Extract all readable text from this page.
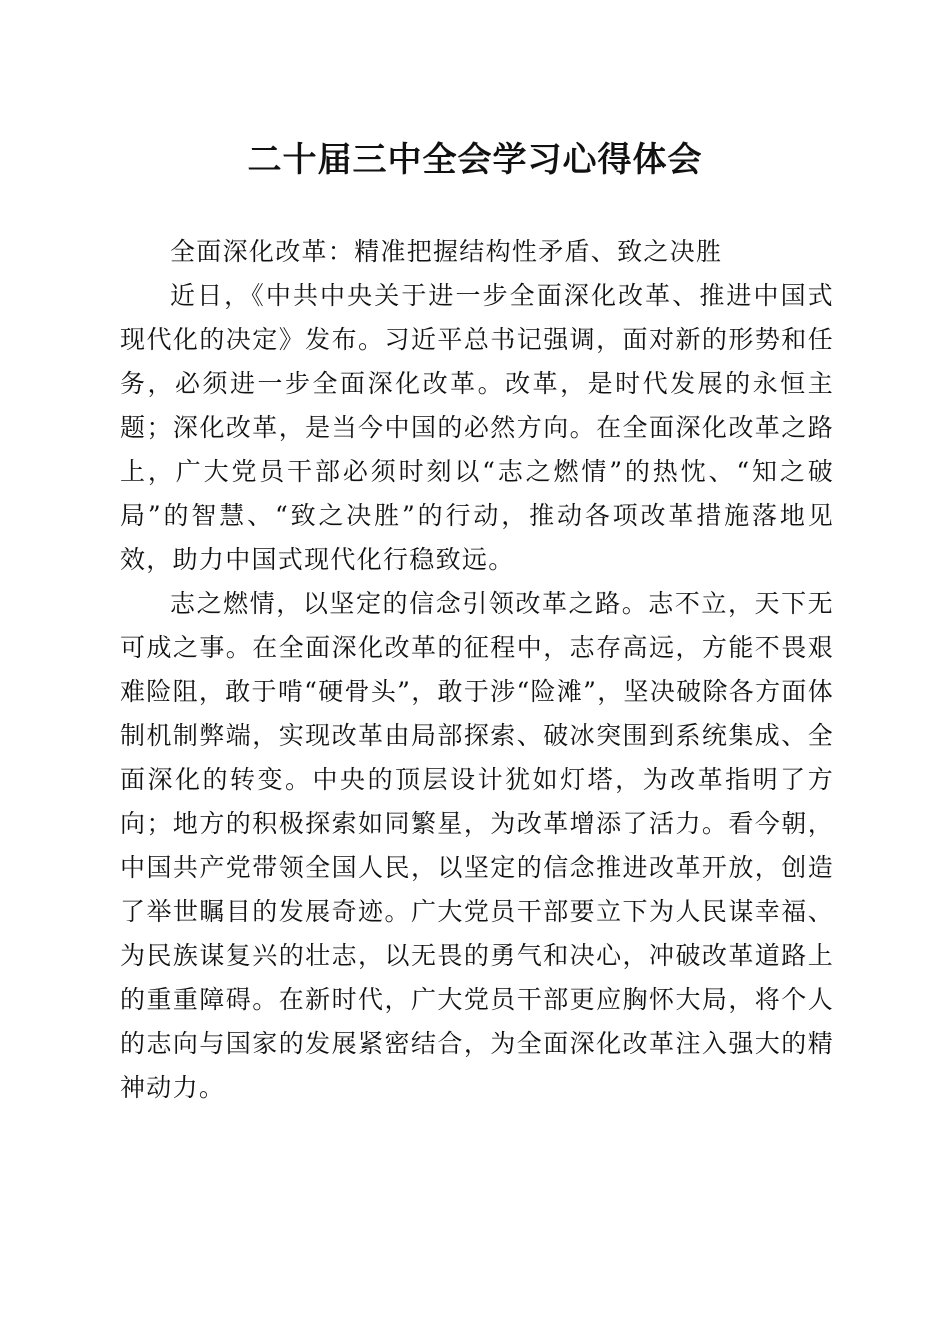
二十届三中全会学习心得体会

全面深化改革：精准把握结构性矛盾、致之决胜

近日，《中共中央关于进一步全面深化改革、推进中国式现代化的决定》发布。习近平总书记强调，面对新的形势和任务，必须进一步全面深化改革。改革，是时代发展的永恒主题；深化改革，是当今中国的必然方向。在全面深化改革之路上，广大党员干部必须时刻以“志之燃情”的热忱、“知之破局”的智慧、“致之决胜”的行动，推动各项改革措施落地见效，助力中国式现代化行稳致远。

志之燃情，以坚定的信念引领改革之路。志不立，天下无可成之事。在全面深化改革的征程中，志存高远，方能不畏艰难险阻，敢于啃“硬骨头”，敢于涉“险滩”，坚决破除各方面体制机制弊端，实现改革由局部探索、破冰突围到系统集成、全面深化的转变。中央的顶层设计犹如灯塔，为改革指明了方向；地方的积极探索如同繁星，为改革增添了活力。看今朝，中国共产党带领全国人民，以坚定的信念推进改革开放，创造了举世瞩目的发展奇迹。广大党员干部要立下为人民谋幸福、为民族谋复兴的壮志，以无畏的勇气和决心，冲破改革道路上的重重障碍。在新时代，广大党员干部更应胸怀大局，将个人的志向与国家的发展紧密结合，为全面深化改革注入强大的精神动力。
